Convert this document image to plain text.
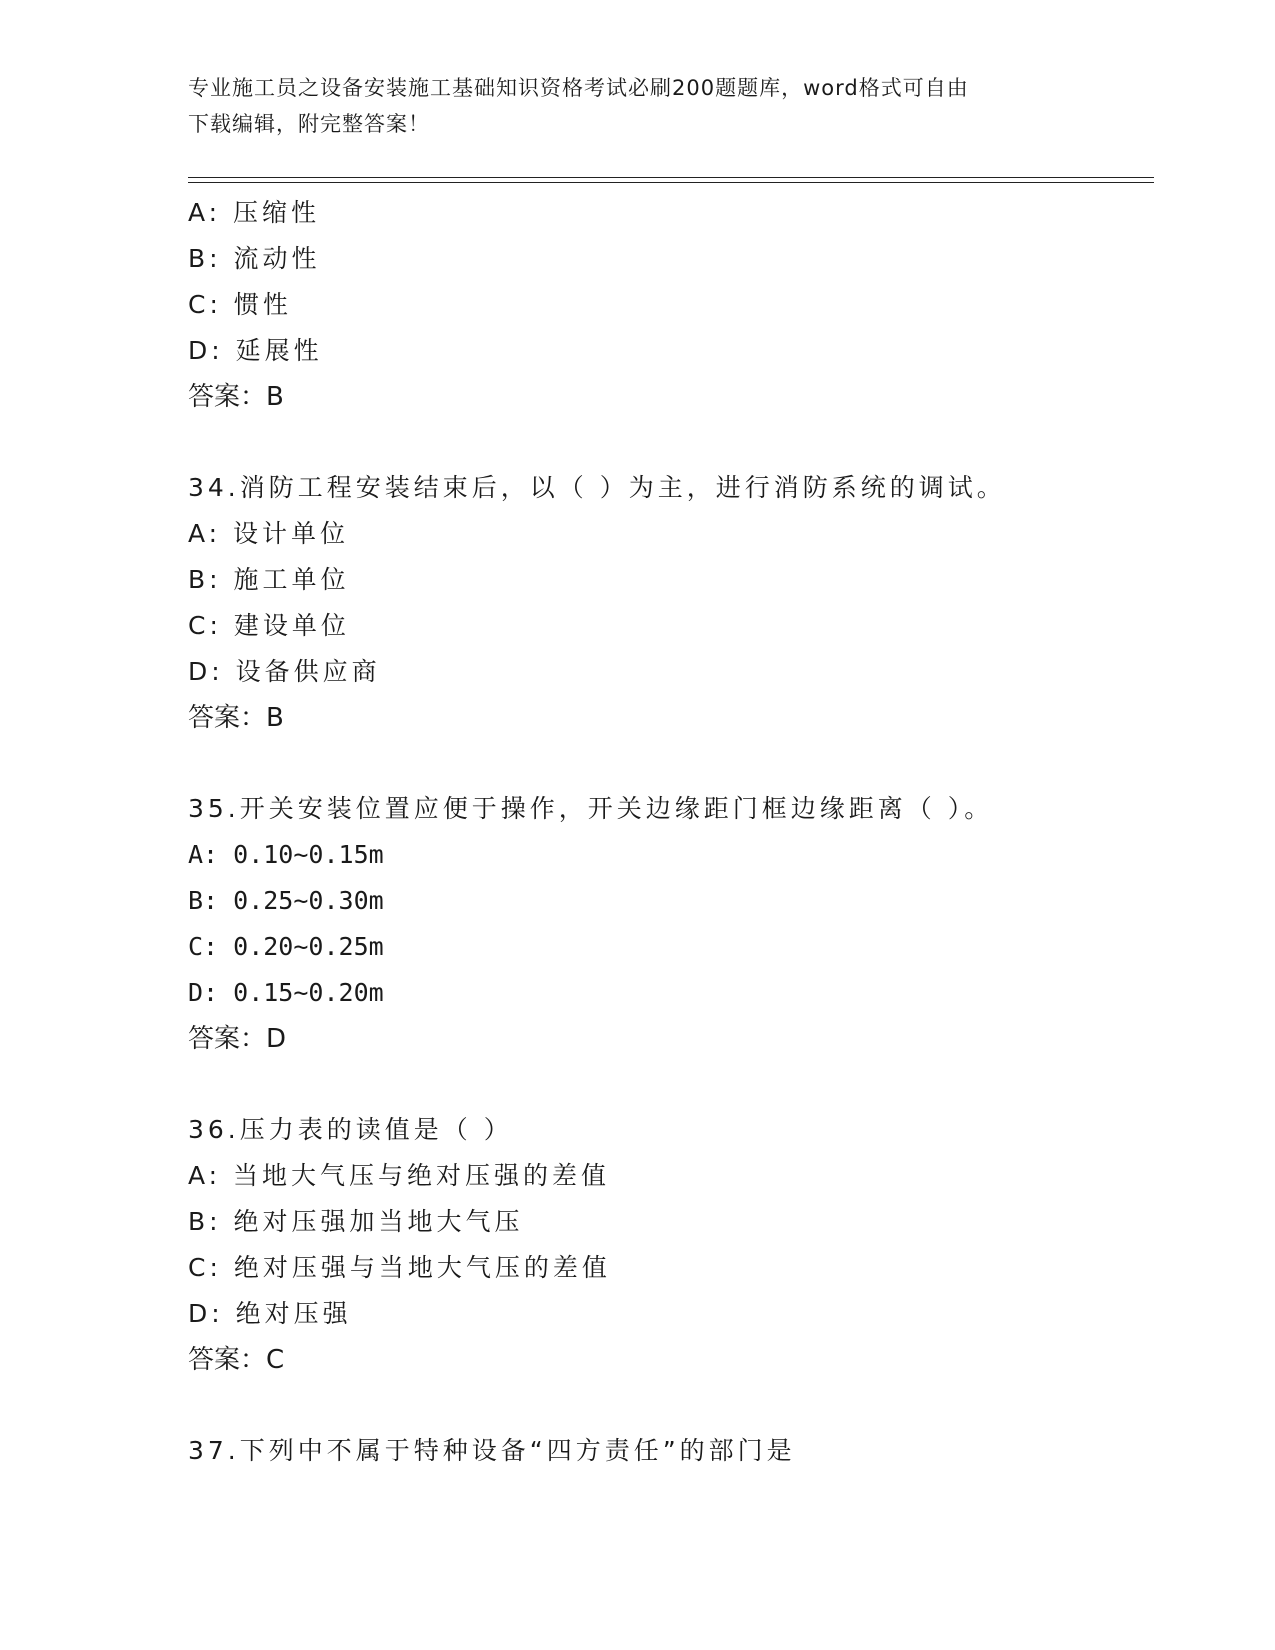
专业施工员之设备安装施工基础知识资格考试必刷200题题库，word格式可自由
下载编辑，附完整答案！
A: 压缩性
B: 流动性
C: 惯性
D: 延展性
答案：B
34.消防工程安装结束后，以（ ）为主，进行消防系统的调试。
A: 设计单位
B: 施工单位
C: 建设单位
D: 设备供应商
答案：B
35.开关安装位置应便于操作，开关边缘距门框边缘距离（ ）。
A: 0.10~0.15m
B: 0.25~0.30m
C: 0.20~0.25m
D: 0.15~0.20m
答案：D
36.压力表的读值是（ ）
A: 当地大气压与绝对压强的差值
B: 绝对压强加当地大气压
C: 绝对压强与当地大气压的差值
D: 绝对压强
答案：C
37.下列中不属于特种设备“四方责任”的部门是
